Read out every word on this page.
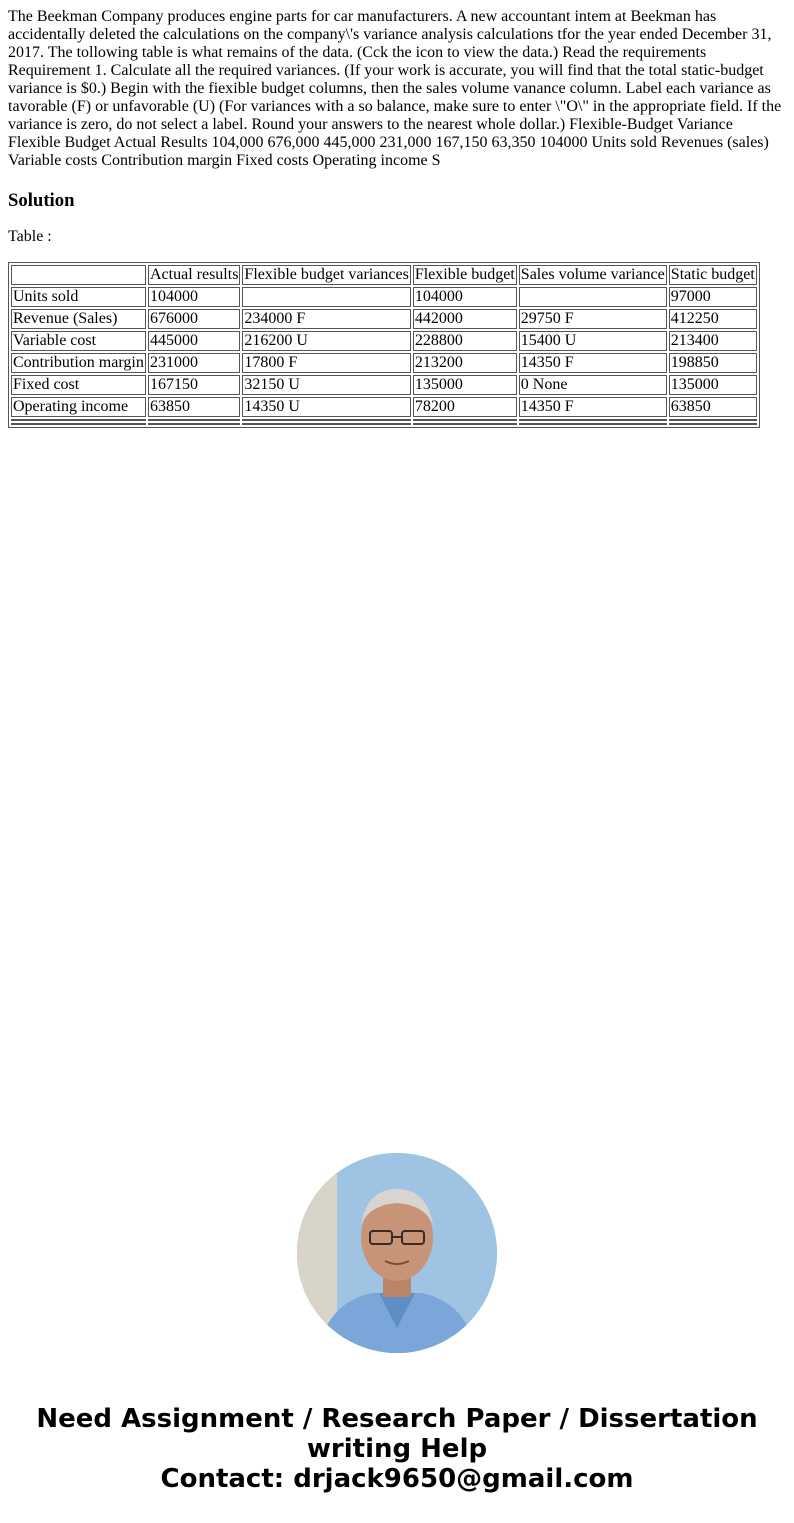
The Beekman Company produces engine parts for car manufacturers. A new accountant intem at Beekman has accidentally deleted the calculations on the company\'s variance analysis calculations tfor the year ended December 31, 2017. The tollowing table is what remains of the data. (Cck the icon to view the data.) Read the requirements Requirement 1. Calculate all the required variances. (If your work is accurate, you will find that the total static-budget variance is $0.) Begin with the fiexible budget columns, then the sales volume vanance column. Label each variance as tavorable (F) or unfavorable (U) (For variances with a so balance, make sure to enter \"O\" in the appropriate field. If the variance is zero, do not select a label. Round your answers to the nearest whole dollar.) Flexible-Budget Variance Flexible Budget Actual Results 104,000 676,000 445,000 231,000 167,150 63,350 104000 Units sold Revenues (sales) Variable costs Contribution margin Fixed costs Operating income S

Solution

Table :

	Actual results	Flexible budget variances	Flexible budget	Sales volume variance	Static budget
Units sold	104000		104000		97000
Revenue (Sales)	676000	234000 F	442000	29750 F	412250
Variable cost	445000	216200 U	228800	15400 U	213400
Contribution margin	231000	17800 F	213200	14350 F	198850
Fixed cost	167150	32150 U	135000	0 None	135000
Operating income	63850	14350 U	78200	14350 F	63850

Need Assignment / Research Paper / Dissertation
writing Help
Contact: drjack9650@gmail.com
